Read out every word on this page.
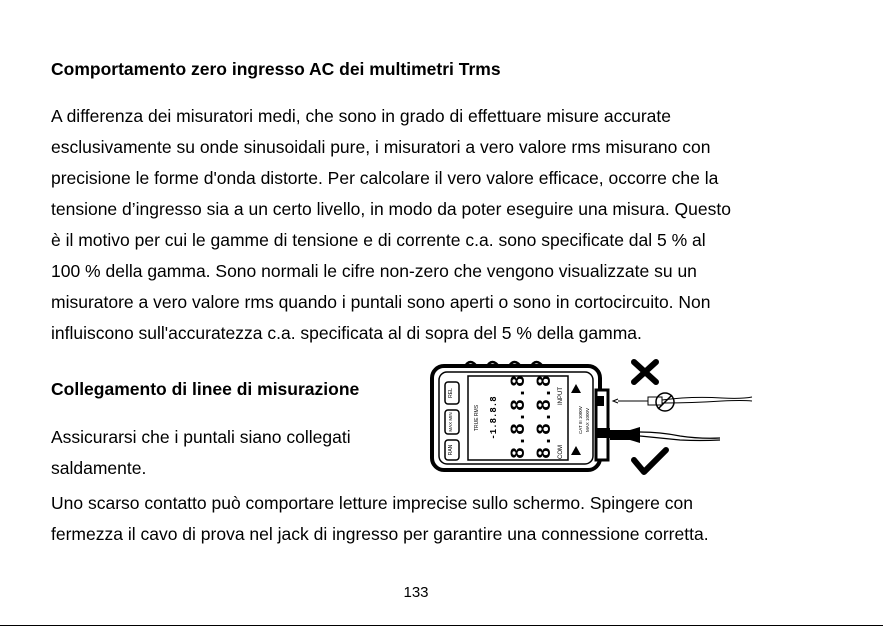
Comportamento zero ingresso AC dei multimetri Trms
A differenza dei misuratori medi, che sono in grado di effettuare misure accurate
esclusivamente su onde sinusoidali pure, i misuratori a vero valore rms misurano con
precisione le forme d'onda distorte. Per calcolare il vero valore efficace, occorre che la
tensione d’ingresso sia a un certo livello, in modo da poter eseguire una misura. Questo
è il motivo per cui le gamme di tensione e di corrente c.a. sono specificate dal 5 % al
100 % della gamma. Sono normali le cifre non-zero che vengono visualizzate su un
misuratore a vero valore rms quando i puntali sono aperti o sono in cortocircuito. Non
influiscono sull'accuratezza c.a. specificata al di sopra del 5 % della gamma.
Collegamento di linee di misurazione
Assicurarsi che i puntali siano collegati
saldamente.
Uno scarso contatto può comportare letture imprecise sullo schermo. Spingere con
fermezza il cavo di prova nel jack di ingresso per garantire una connessione corretta.
RAN
MAX MIN
REL
TRUE RMS -1.8.8.8 8.8.8.8 8.8.8.8 COM
INPUT
CAT III 1000V MAX 1000V
133
